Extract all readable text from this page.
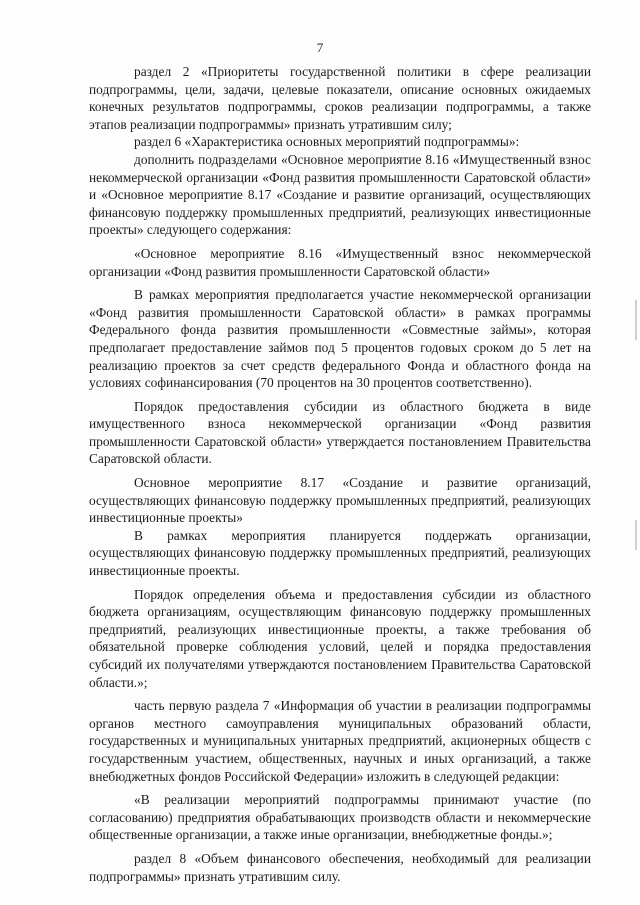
7

раздел 2 «Приоритеты государственной политики в сфере реализации подпрограммы, цели, задачи, целевые показатели, описание основных ожидаемых конечных результатов подпрограммы, сроков реализации подпрограммы, а также этапов реализации подпрограммы» признать утратившим силу;

раздел 6 «Характеристика основных мероприятий подпрограммы»:

дополнить подразделами «Основное мероприятие 8.16 «Имущественный взнос некоммерческой организации «Фонд развития промышленности Саратовской области» и «Основное мероприятие 8.17 «Создание и развитие организаций, осуществляющих финансовую поддержку промышленных предприятий, реализующих инвестиционные проекты» следующего содержания:

«Основное мероприятие 8.16 «Имущественный взнос некоммерческой организации «Фонд развития промышленности Саратовской области»

В рамках мероприятия предполагается участие некоммерческой организации «Фонд развития промышленности Саратовской области» в рамках программы Федерального фонда развития промышленности «Совместные займы», которая предполагает предоставление займов под 5 процентов годовых сроком до 5 лет на реализацию проектов за счет средств федерального Фонда и областного фонда на условиях софинансирования (70 процентов на 30 процентов соответственно).

Порядок предоставления субсидии из областного бюджета в виде имущественного взноса некоммерческой организации «Фонд развития промышленности Саратовской области» утверждается постановлением Правительства Саратовской области.

Основное мероприятие 8.17 «Создание и развитие организаций, осуществляющих финансовую поддержку промышленных предприятий, реализующих инвестиционные проекты»

В рамках мероприятия планируется поддержать организации, осуществляющих финансовую поддержку промышленных предприятий, реализующих инвестиционные проекты.

Порядок определения объема и предоставления субсидии из областного бюджета организациям, осуществляющим финансовую поддержку промышленных предприятий, реализующих инвестиционные проекты, а также требования об обязательной проверке соблюдения условий, целей и порядка предоставления субсидий их получателями утверждаются постановлением Правительства Саратовской области.»;

часть первую раздела 7 «Информация об участии в реализации подпрограммы органов местного самоуправления муниципальных образований области, государственных и муниципальных унитарных предприятий, акционерных обществ с государственным участием, общественных, научных и иных организаций, а также внебюджетных фондов Российской Федерации» изложить в следующей редакции:

«В реализации мероприятий подпрограммы принимают участие (по согласованию) предприятия обрабатывающих производств области и некоммерческие общественные организации, а также иные организации, внебюджетные фонды.»;

раздел 8 «Объем финансового обеспечения, необходимый для реализации подпрограммы» признать утратившим силу.
